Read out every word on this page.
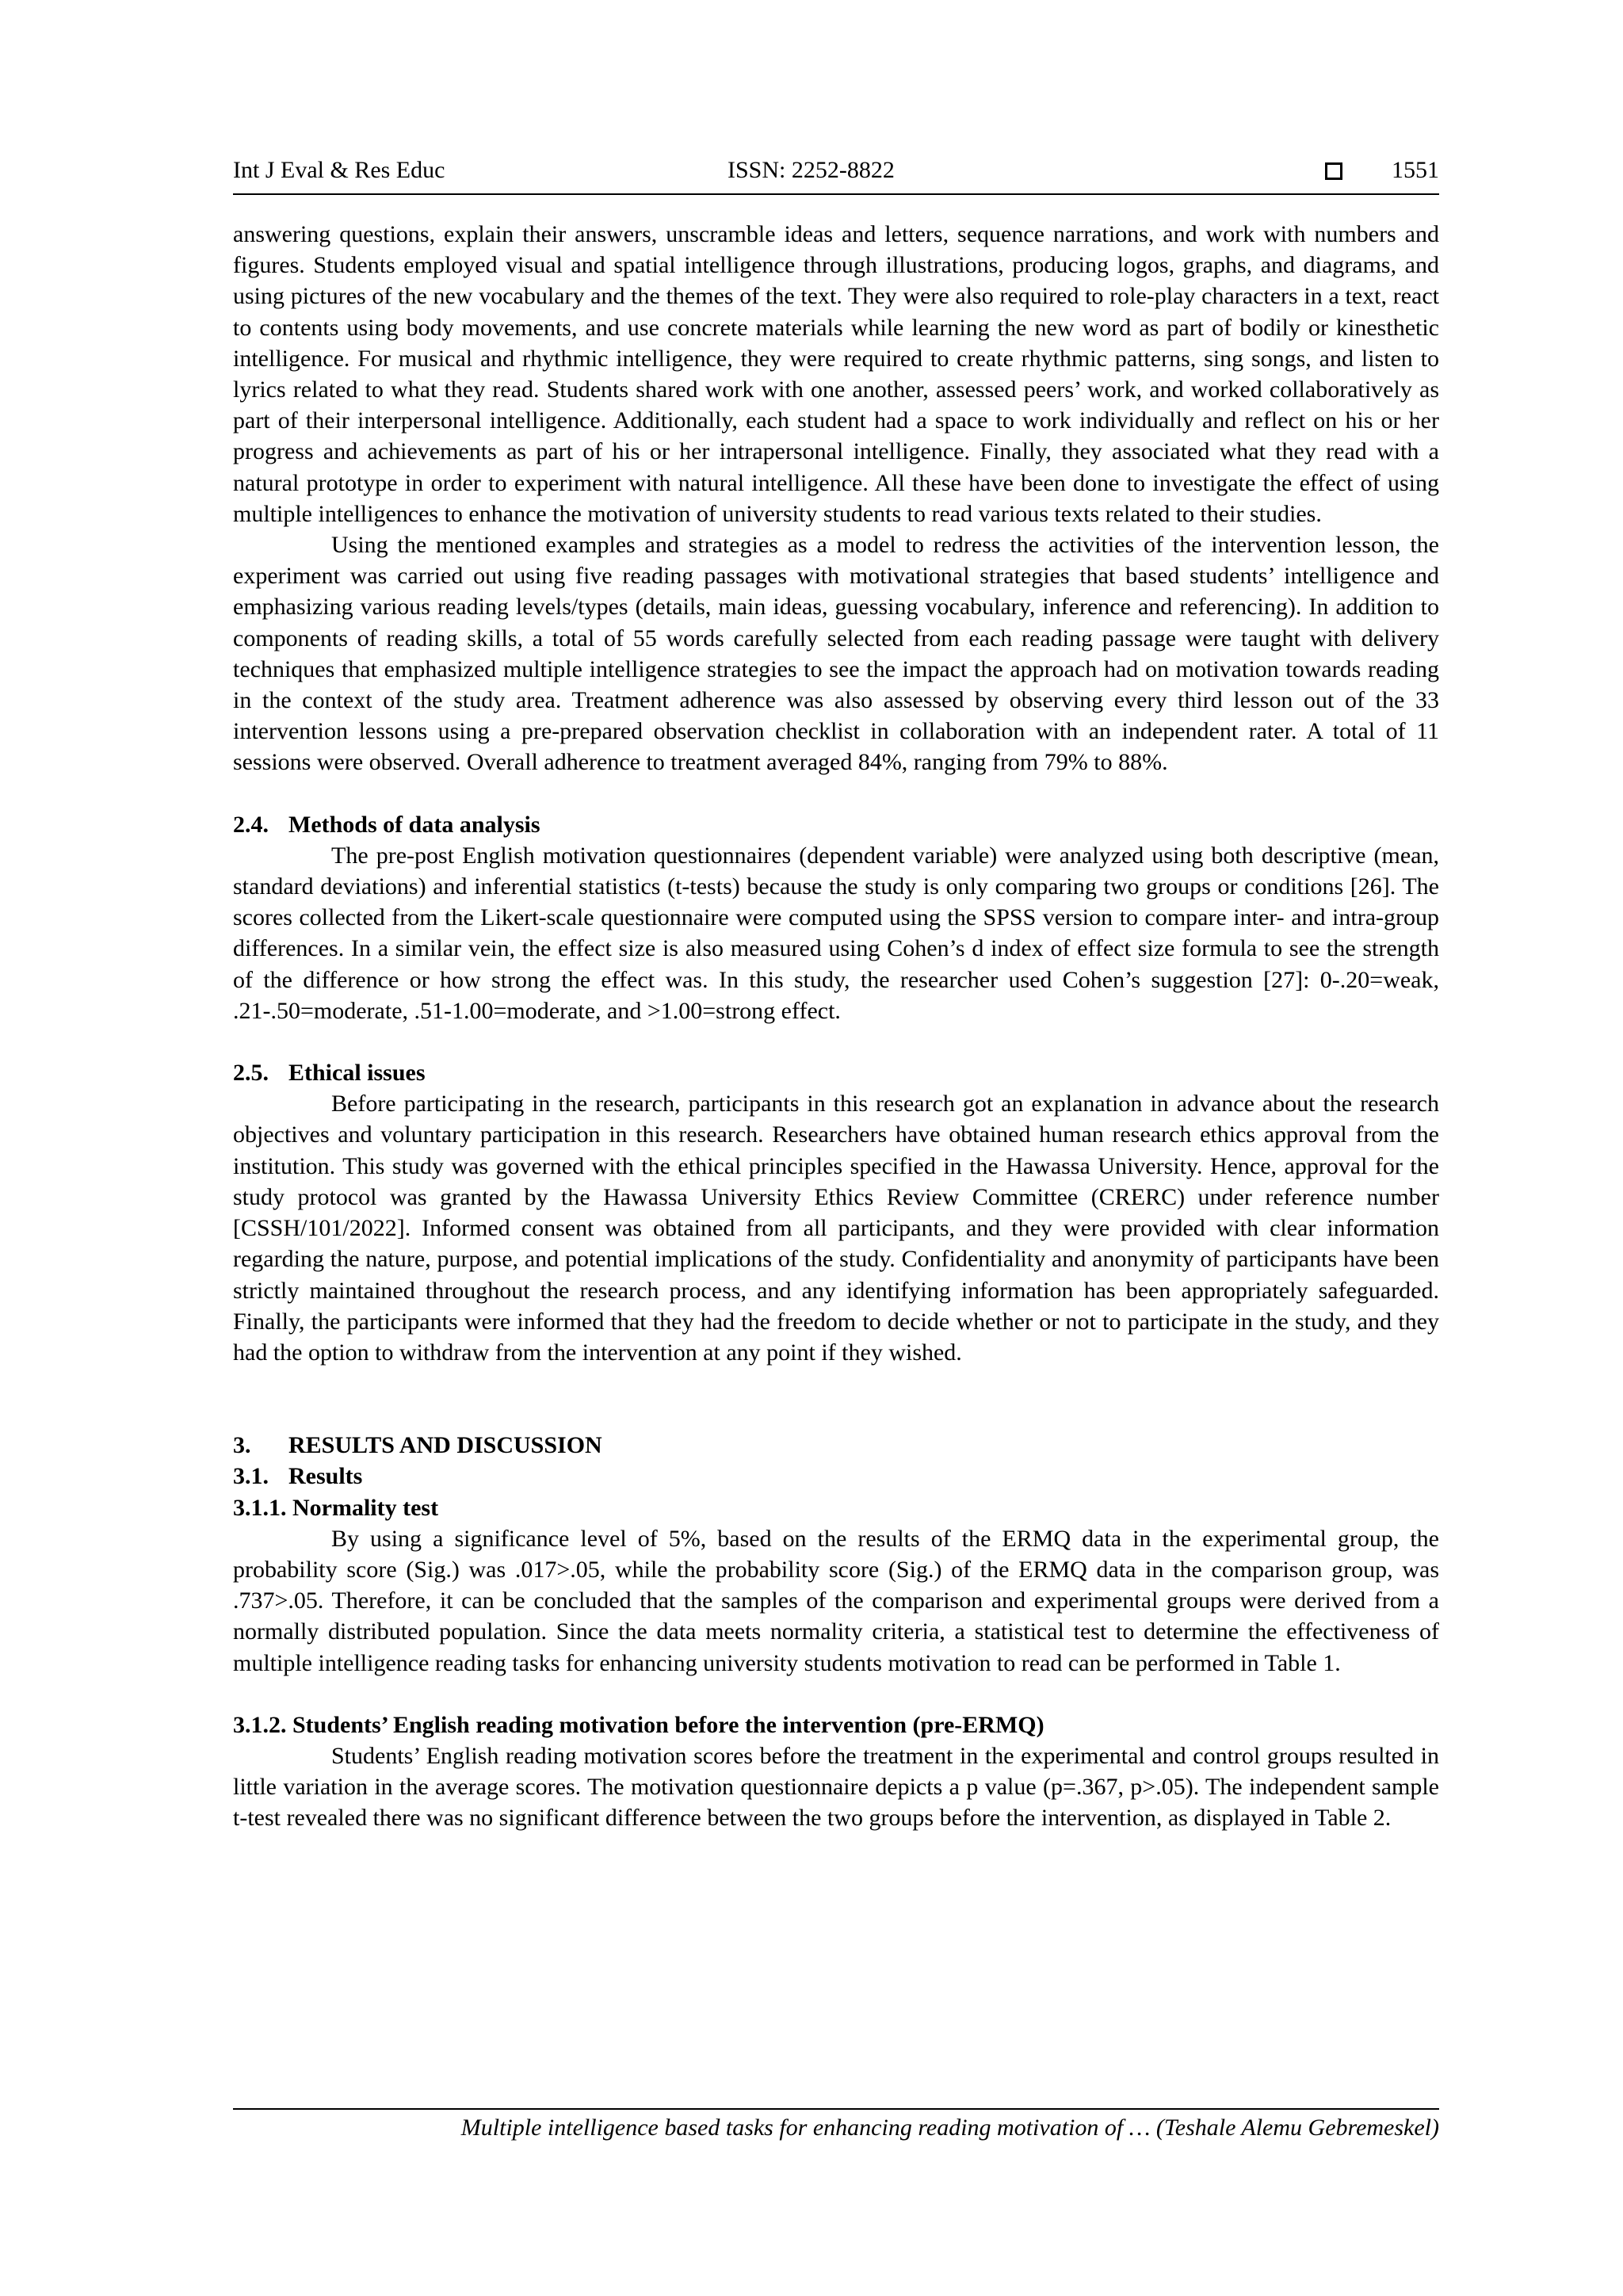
Int J Eval & Res Educ	ISSN: 2252-8822	1551

answering questions, explain their answers, unscramble ideas and letters, sequence narrations, and work with numbers and figures. Students employed visual and spatial intelligence through illustrations, producing logos, graphs, and diagrams, and using pictures of the new vocabulary and the themes of the text. They were also required to role-play characters in a text, react to contents using body movements, and use concrete materials while learning the new word as part of bodily or kinesthetic intelligence. For musical and rhythmic intelligence, they were required to create rhythmic patterns, sing songs, and listen to lyrics related to what they read. Students shared work with one another, assessed peers’ work, and worked collaboratively as part of their interpersonal intelligence. Additionally, each student had a space to work individually and reflect on his or her progress and achievements as part of his or her intrapersonal intelligence. Finally, they associated what they read with a natural prototype in order to experiment with natural intelligence. All these have been done to investigate the effect of using multiple intelligences to enhance the motivation of university students to read various texts related to their studies.

Using the mentioned examples and strategies as a model to redress the activities of the intervention lesson, the experiment was carried out using five reading passages with motivational strategies that based students’ intelligence and emphasizing various reading levels/types (details, main ideas, guessing vocabulary, inference and referencing). In addition to components of reading skills, a total of 55 words carefully selected from each reading passage were taught with delivery techniques that emphasized multiple intelligence strategies to see the impact the approach had on motivation towards reading in the context of the study area. Treatment adherence was also assessed by observing every third lesson out of the 33 intervention lessons using a pre-prepared observation checklist in collaboration with an independent rater. A total of 11 sessions were observed. Overall adherence to treatment averaged 84%, ranging from 79% to 88%.

2.4. Methods of data analysis

The pre-post English motivation questionnaires (dependent variable) were analyzed using both descriptive (mean, standard deviations) and inferential statistics (t-tests) because the study is only comparing two groups or conditions [26]. The scores collected from the Likert-scale questionnaire were computed using the SPSS version to compare inter- and intra-group differences. In a similar vein, the effect size is also measured using Cohen’s d index of effect size formula to see the strength of the difference or how strong the effect was. In this study, the researcher used Cohen’s suggestion [27]: 0-.20=weak, .21-.50=moderate, .51-1.00=moderate, and >1.00=strong effect.

2.5. Ethical issues

Before participating in the research, participants in this research got an explanation in advance about the research objectives and voluntary participation in this research. Researchers have obtained human research ethics approval from the institution. This study was governed with the ethical principles specified in the Hawassa University. Hence, approval for the study protocol was granted by the Hawassa University Ethics Review Committee (CRERC) under reference number [CSSH/101/2022]. Informed consent was obtained from all participants, and they were provided with clear information regarding the nature, purpose, and potential implications of the study. Confidentiality and anonymity of participants have been strictly maintained throughout the research process, and any identifying information has been appropriately safeguarded. Finally, the participants were informed that they had the freedom to decide whether or not to participate in the study, and they had the option to withdraw from the intervention at any point if they wished.

3. RESULTS AND DISCUSSION
3.1. Results
3.1.1. Normality test

By using a significance level of 5%, based on the results of the ERMQ data in the experimental group, the probability score (Sig.) was .017>.05, while the probability score (Sig.) of the ERMQ data in the comparison group, was .737>.05. Therefore, it can be concluded that the samples of the comparison and experimental groups were derived from a normally distributed population. Since the data meets normality criteria, a statistical test to determine the effectiveness of multiple intelligence reading tasks for enhancing university students motivation to read can be performed in Table 1.

3.1.2. Students’ English reading motivation before the intervention (pre-ERMQ)

Students’ English reading motivation scores before the treatment in the experimental and control groups resulted in little variation in the average scores. The motivation questionnaire depicts a p value (p=.367, p>.05). The independent sample t-test revealed there was no significant difference between the two groups before the intervention, as displayed in Table 2.

Multiple intelligence based tasks for enhancing reading motivation of … (Teshale Alemu Gebremeskel)
